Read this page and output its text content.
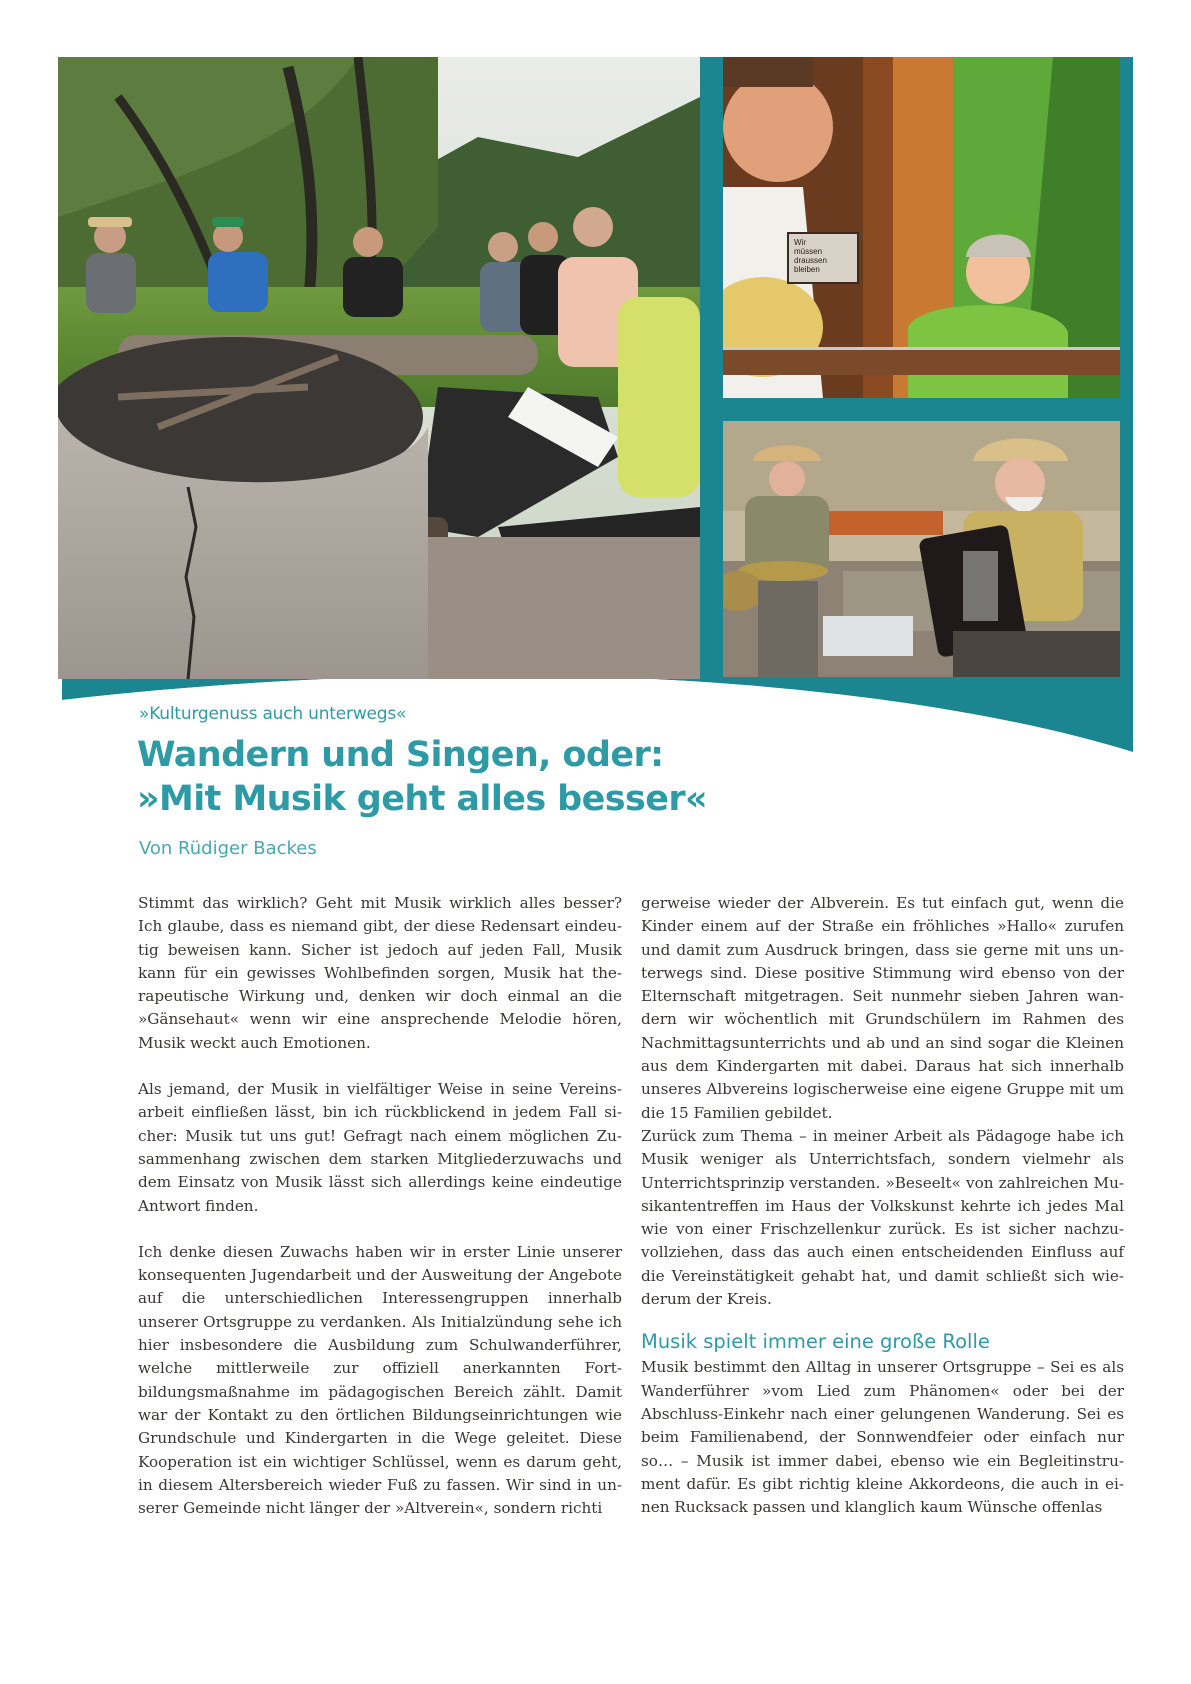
Wir
müssen
draussen
bleiben
»Kulturgenuss auch unterwegs«
Wandern und Singen, oder:
»Mit Musik geht alles besser«
Von Rüdiger Backes

Stimmt das wirklich? Geht mit Musik wirklich alles besser? Ich glaube, dass es niemand gibt, der diese Redensart eindeutig beweisen kann. Sicher ist jedoch auf jeden Fall, Musik kann für ein gewisses Wohlbefinden sorgen, Musik hat therapeutische Wirkung und, denken wir doch einmal an die »Gänsehaut« wenn wir eine ansprechende Melodie hören, Musik weckt auch Emotionen.

Als jemand, der Musik in vielfältiger Weise in seine Vereinsarbeit einfließen lässt, bin ich rückblickend in jedem Fall sicher: Musik tut uns gut! Gefragt nach einem möglichen Zusammenhang zwischen dem starken Mitgliederzuwachs und dem Einsatz von Musik lässt sich allerdings keine eindeutige Antwort finden.

Ich denke diesen Zuwachs haben wir in erster Linie unserer konsequenten Jugendarbeit und der Ausweitung der Angebote auf die unterschiedlichen Interessengruppen innerhalb unserer Ortsgruppe zu verdanken. Als Initialzündung sehe ich hier insbesondere die Ausbildung zum Schulwanderführer, welche mittlerweile zur offiziell anerkannten Fortbildungsmaßnahme im pädagogischen Bereich zählt. Damit war der Kontakt zu den örtlichen Bildungseinrichtungen wie Grundschule und Kindergarten in die Wege geleitet. Diese Kooperation ist ein wichtiger Schlüssel, wenn es darum geht, in diesem Altersbereich wieder Fuß zu fassen. Wir sind in unserer Gemeinde nicht länger der »Altverein«, sondern richti

gerweise wieder der Albverein. Es tut einfach gut, wenn die Kinder einem auf der Straße ein fröhliches »Hallo« zurufen und damit zum Ausdruck bringen, dass sie gerne mit uns unterwegs sind. Diese positive Stimmung wird ebenso von der Elternschaft mitgetragen. Seit nunmehr sieben Jahren wandern wir wöchentlich mit Grundschülern im Rahmen des Nachmittagsunterrichts und ab und an sind sogar die Kleinen aus dem Kindergarten mit dabei. Daraus hat sich innerhalb unseres Albvereins logischerweise eine eigene Gruppe mit um die 15 Familien gebildet.

Zurück zum Thema – in meiner Arbeit als Pädagoge habe ich Musik weniger als Unterrichtsfach, sondern vielmehr als Unterrichtsprinzip verstanden. »Beseelt« von zahlreichen Musikantentreffen im Haus der Volkskunst kehrte ich jedes Mal wie von einer Frischzellenkur zurück. Es ist sicher nachzuvollziehen, dass das auch einen entscheidenden Einfluss auf die Vereinstätigkeit gehabt hat, und damit schließt sich wiederum der Kreis.

Musik spielt immer eine große Rolle

Musik bestimmt den Alltag in unserer Ortsgruppe – Sei es als Wanderführer »vom Lied zum Phänomen« oder bei der Abschluss-Einkehr nach einer gelungenen Wanderung. Sei es beim Familienabend, der Sonnwendfeier oder einfach nur so… – Musik ist immer dabei, ebenso wie ein Begleitinstrument dafür. Es gibt richtig kleine Akkordeons, die auch in einen Rucksack passen und klanglich kaum Wünsche offenlas
